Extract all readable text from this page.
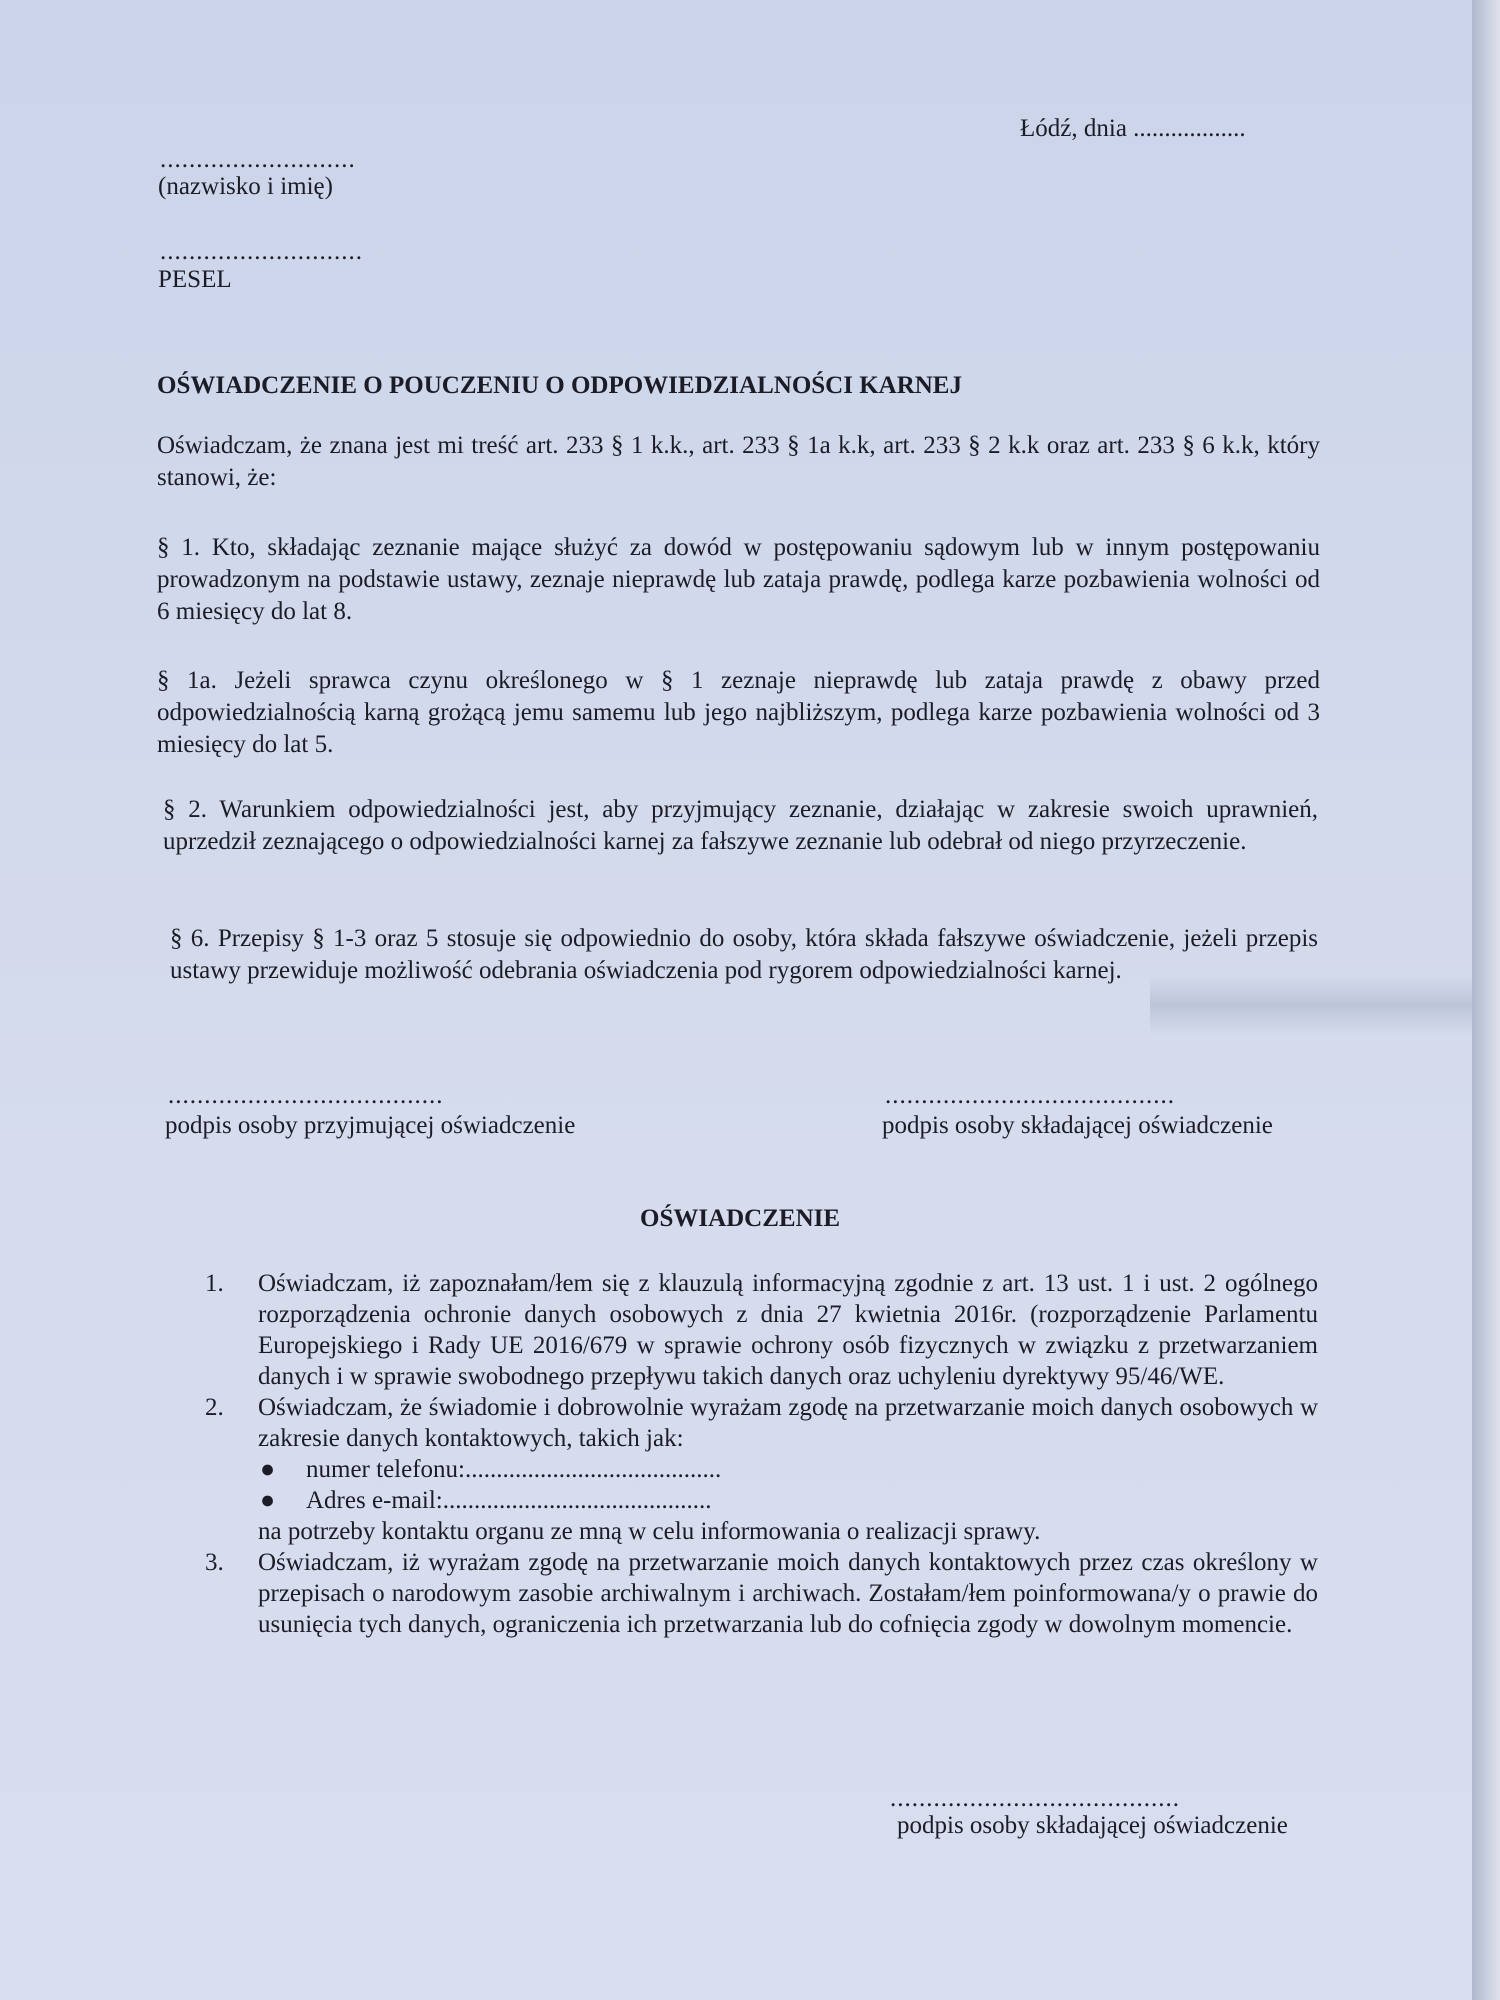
Łódź, dnia ..................
...........................
(nazwisko i imię)
............................
PESEL
OŚWIADCZENIE O POUCZENIU O ODPOWIEDZIALNOŚCI KARNEJ
Oświadczam, że znana jest mi treść art. 233 § 1 k.k., art. 233 § 1a k.k, art. 233 § 2 k.k oraz art. 233 § 6 k.k, który stanowi, że:
§ 1. Kto, składając zeznanie mające służyć za dowód w postępowaniu sądowym lub w innym postępowaniu prowadzonym na podstawie ustawy, zeznaje nieprawdę lub zataja prawdę, podlega karze pozbawienia wolności od 6 miesięcy do lat 8.
§ 1a. Jeżeli sprawca czynu określonego w § 1 zeznaje nieprawdę lub zataja prawdę z obawy przed odpowiedzialnością karną grożącą jemu samemu lub jego najbliższym, podlega karze pozbawienia wolności od 3 miesięcy do lat 5.
§ 2. Warunkiem odpowiedzialności jest, aby przyjmujący zeznanie, działając w zakresie swoich uprawnień, uprzedził zeznającego o odpowiedzialności karnej za fałszywe zeznanie lub odebrał od niego przyrzeczenie.
§ 6. Przepisy § 1-3 oraz 5 stosuje się odpowiednio do osoby, która składa fałszywe oświadczenie, jeżeli przepis ustawy przewiduje możliwość odebrania oświadczenia pod rygorem odpowiedzialności karnej.
......................................
podpis osoby przyjmującej oświadczenie
........................................
podpis osoby składającej oświadczenie
OŚWIADCZENIE
1. Oświadczam, iż zapoznałam/łem się z klauzulą informacyjną zgodnie z art. 13 ust. 1 i ust. 2 ogólnego rozporządzenia ochronie danych osobowych z dnia 27 kwietnia 2016r. (rozporządzenie Parlamentu Europejskiego i Rady UE 2016/679 w sprawie ochrony osób fizycznych w związku z przetwarzaniem danych i w sprawie swobodnego przepływu takich danych oraz uchyleniu dyrektywy 95/46/WE.
2. Oświadczam, że świadomie i dobrowolnie wyrażam zgodę na przetwarzanie moich danych osobowych w zakresie danych kontaktowych, takich jak:
● numer telefonu:.........................................
● Adres e-mail:...........................................
na potrzeby kontaktu organu ze mną w celu informowania o realizacji sprawy.
3. Oświadczam, iż wyrażam zgodę na przetwarzanie moich danych kontaktowych przez czas określony w przepisach o narodowym zasobie archiwalnym i archiwach. Zostałam/łem poinformowana/y o prawie do usunięcia tych danych, ograniczenia ich przetwarzania lub do cofnięcia zgody w dowolnym momencie.
........................................
podpis osoby składającej oświadczenie
